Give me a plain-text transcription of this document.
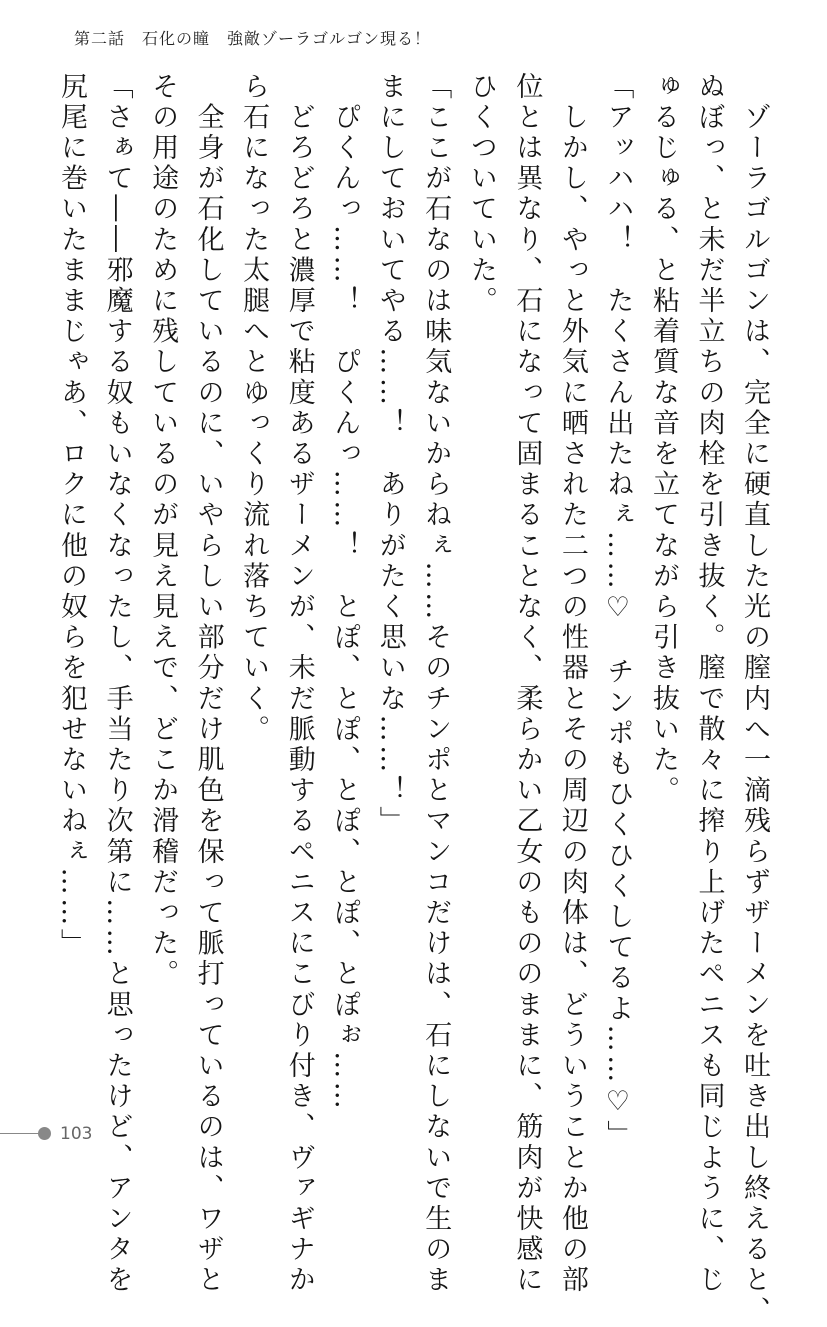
第二話　石化の瞳　強敵ゾーラゴルゴン現る！

　ゾーラゴルゴンは、完全に硬直した光の膣内へ一滴残らずザーメンを吐き出し終えると、

ぬぼっ、と未だ半立ちの肉栓を引き抜く。膣で散々に搾り上げたペニスも同じように、じ

ゅるじゅる、と粘着質な音を立てながら引き抜いた。

「アッハハ！　たくさん出たねぇ……♡　チンポもひくひくしてるよ……♡」

　しかし、やっと外気に晒された二つの性器とその周辺の肉体は、どういうことか他の部

位とは異なり、石になって固まることなく、柔らかい乙女のもののままに、筋肉が快感に

ひくついていた。

「ここが石なのは味気ないからねぇ……そのチンポとマンコだけは、石にしないで生のま

まにしておいてやる……！　ありがたく思いな……！」

　ぴくんっ……！　ぴくんっ……！　とぽ、とぽ、とぽ、とぽ、とぽぉ……

　どろどろと濃厚で粘度あるザーメンが、未だ脈動するペニスにこびり付き、ヴァギナか

ら石になった太腿へとゆっくり流れ落ちていく。

　全身が石化しているのに、いやらしい部分だけ肌色を保って脈打っているのは、ワザと

その用途のために残しているのが見え見えで、どこか滑稽だった。

「さぁて――邪魔する奴もいなくなったし、手当たり次第に……と思ったけど、アンタを

尻尾に巻いたままじゃあ、ロクに他の奴らを犯せないねぇ……」

103
